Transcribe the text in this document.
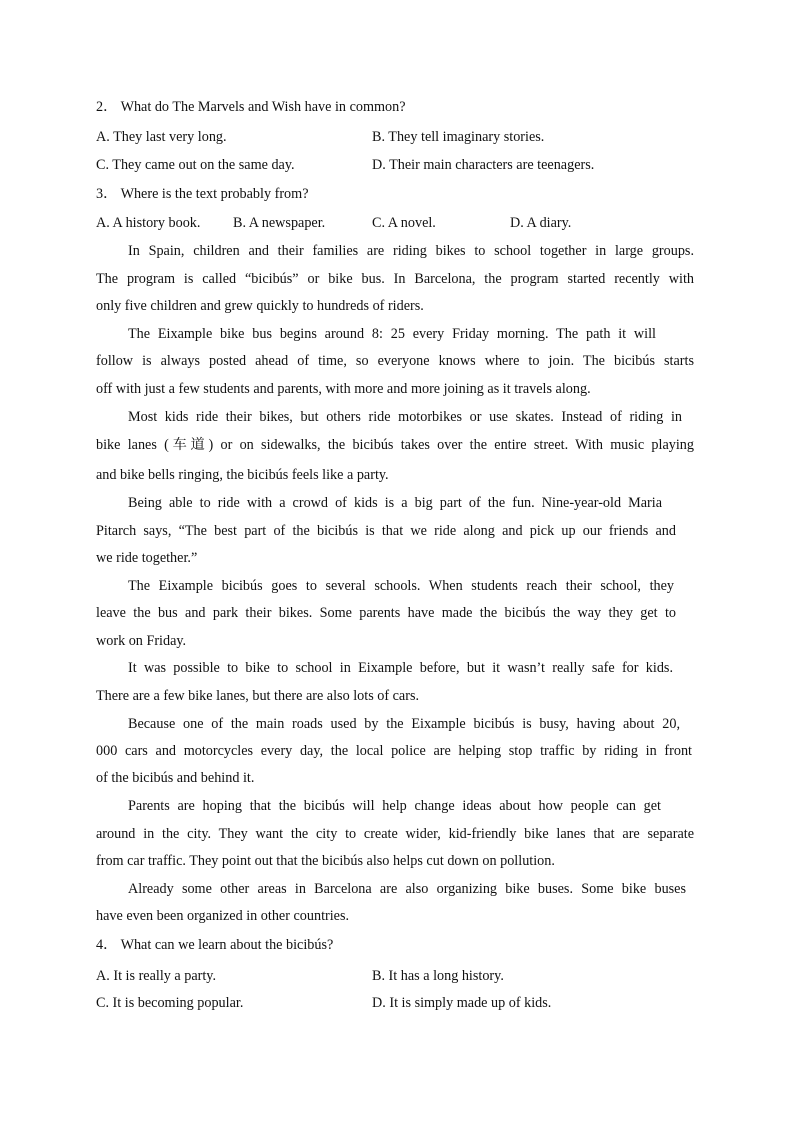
2． What do The Marvels and Wish have in common?
A. They last very long.	B. They tell imaginary stories.
C. They came out on the same day.	D. Their main characters are teenagers.
3． Where is the text probably from?
A. A history book. B. A newspaper.	C. A novel.	D. A diary.
In Spain, children and their families are riding bikes to school together in large groups.
The program is called “bicibús” or bike bus. In Barcelona, the program started recently with
only five children and grew quickly to hundreds of riders.
The Eixample bike bus begins around 8: 25 every Friday morning. The path it will
follow is always posted ahead of time, so everyone knows where to join. The bicibús starts
off with just a few students and parents, with more and more joining as it travels along.
Most kids ride their bikes, but others ride motorbikes or use skates. Instead of riding in
bike lanes (车道) or on sidewalks, the bicibús takes over the entire street. With music playing
and bike bells ringing, the bicibús feels like a party.
Being able to ride with a crowd of kids is a big part of the fun. Nine-year-old Maria
Pitarch says, “The best part of the bicibús is that we ride along and pick up our friends and
we ride together.”
The Eixample bicibús goes to several schools. When students reach their school, they
leave the bus and park their bikes. Some parents have made the bicibús the way they get to
work on Friday.
It was possible to bike to school in Eixample before, but it wasn’t really safe for kids.
There are a few bike lanes, but there are also lots of cars.
Because one of the main roads used by the Eixample bicibús is busy, having about 20,
000 cars and motorcycles every day, the local police are helping stop traffic by riding in front
of the bicibús and behind it.
Parents are hoping that the bicibús will help change ideas about how people can get
around in the city. They want the city to create wider, kid-friendly bike lanes that are separate
from car traffic. They point out that the bicibús also helps cut down on pollution.
Already some other areas in Barcelona are also organizing bike buses. Some bike buses
have even been organized in other countries.
4． What can we learn about the bicibús?
A. It is really a party.	B. It has a long history.
C. It is becoming popular.	D. It is simply made up of kids.
